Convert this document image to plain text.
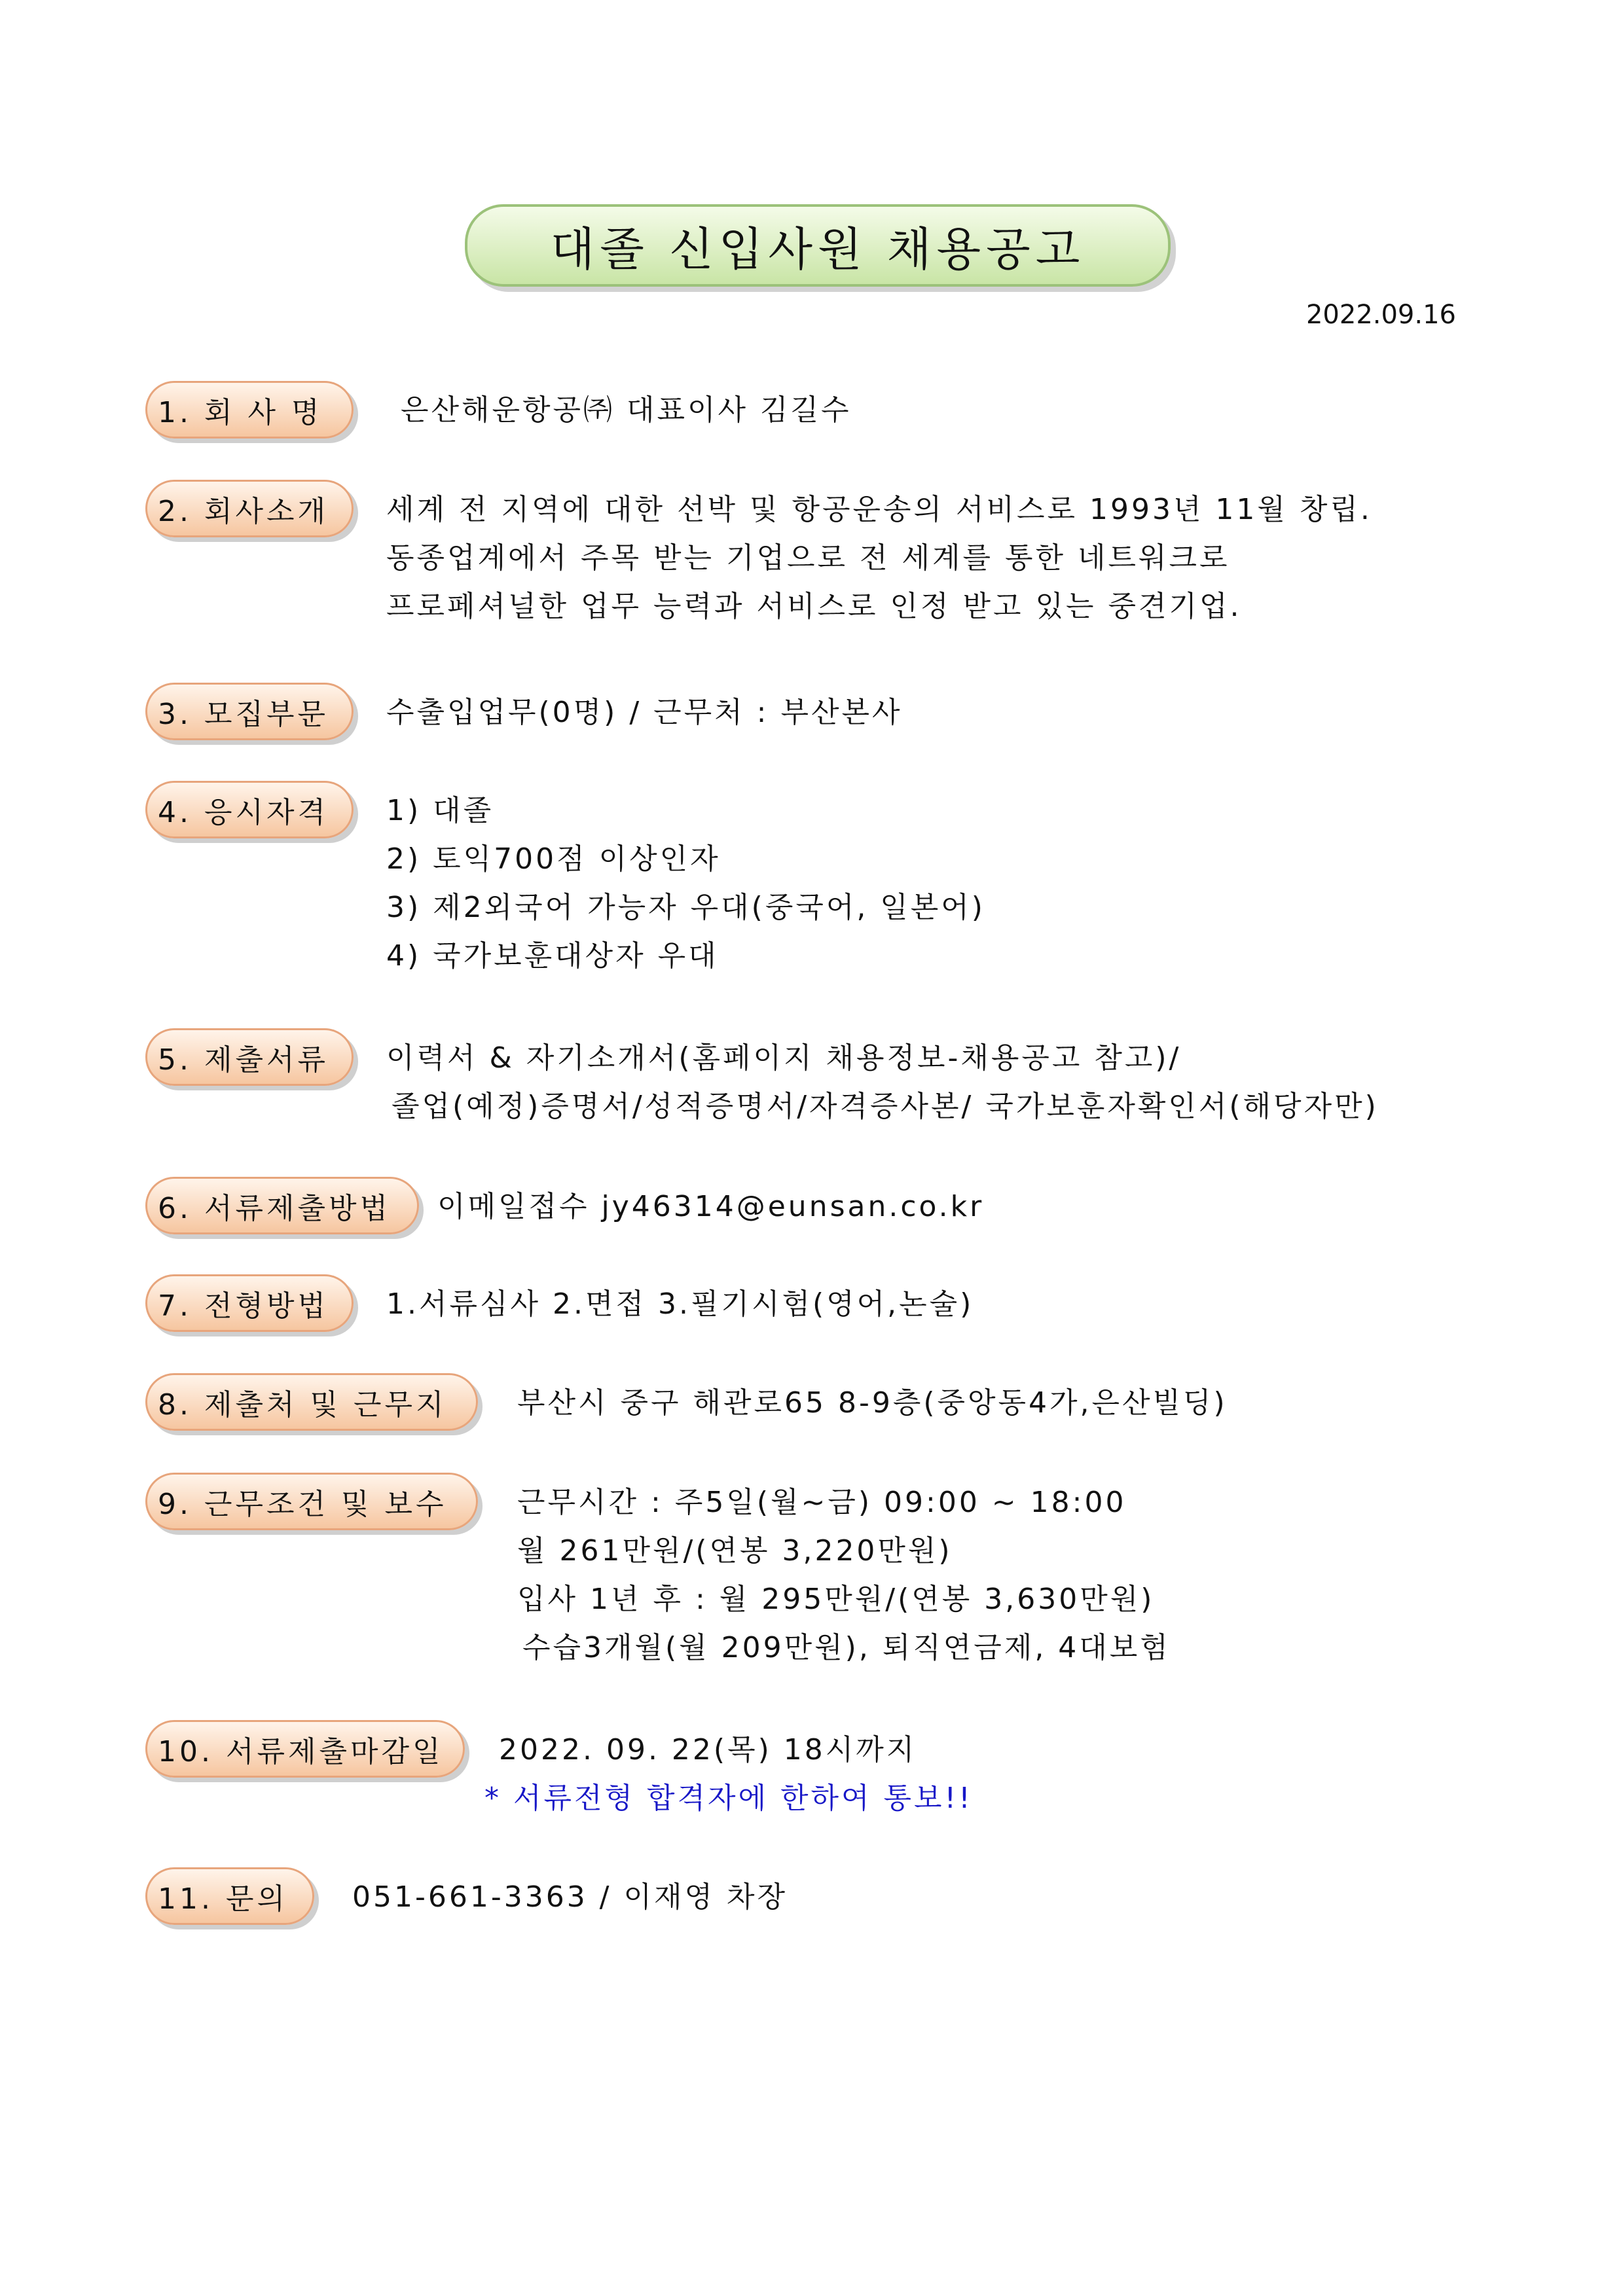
대졸 신입사원 채용공고
2022.09.16
1. 회 사 명	은산해운항공㈜ 대표이사 김길수
2. 회사소개	세계 전 지역에 대한 선박 및 항공운송의 서비스로 1993년 11월 창립.
동종업계에서 주목 받는 기업으로 전 세계를 통한 네트워크로
프로페셔널한 업무 능력과 서비스로 인정 받고 있는 중견기업.
3. 모집부문	수출입업무(0명) / 근무처 : 부산본사
4. 응시자격	1) 대졸
2) 토익700점 이상인자
3) 제2외국어 가능자 우대(중국어, 일본어)
4) 국가보훈대상자 우대
5. 제출서류	이력서 & 자기소개서(홈페이지 채용정보-채용공고 참고)/
졸업(예정)증명서/성적증명서/자격증사본/ 국가보훈자확인서(해당자만)
6. 서류제출방법	이메일접수 jy46314@eunsan.co.kr
7. 전형방법	1.서류심사 2.면접 3.필기시험(영어,논술)
8. 제출처 및 근무지	부산시 중구 해관로65 8-9층(중앙동4가,은산빌딩)
9. 근무조건 및 보수	근무시간 : 주5일(월~금) 09:00 ~ 18:00
월 261만원/(연봉 3,220만원)
입사 1년 후 : 월 295만원/(연봉 3,630만원)
수습3개월(월 209만원), 퇴직연금제, 4대보험
10. 서류제출마감일	2022. 09. 22(목) 18시까지
* 서류전형 합격자에 한하여 통보!!
11. 문의	051-661-3363 / 이재영 차장
